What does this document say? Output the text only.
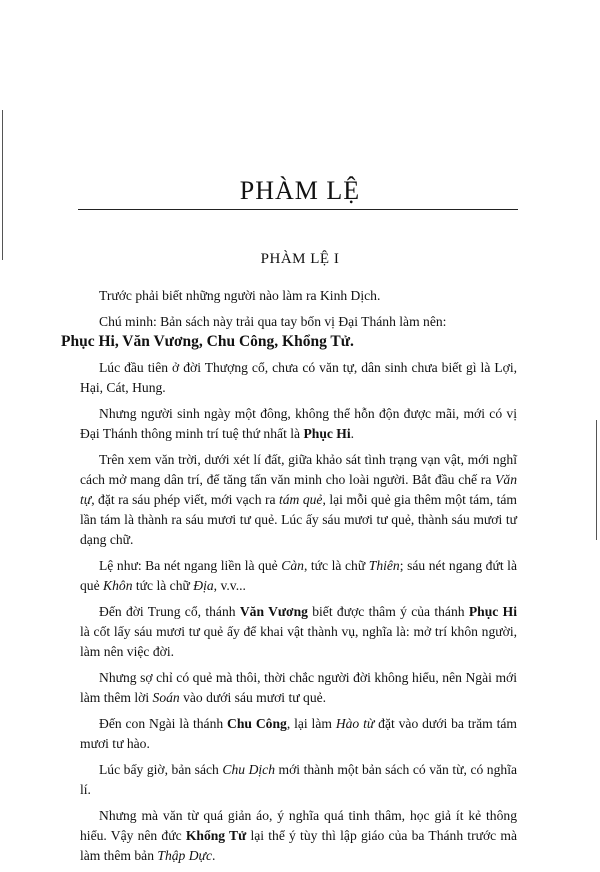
PHÀM LỆ
PHÀM LỆ I

Trước phải biết những người nào làm ra Kinh Dịch.

Chú minh: Bản sách này trải qua tay bốn vị Đại Thánh làm nên:
Phục Hi, Văn Vương, Chu Công, Khổng Tử.

Lúc đầu tiên ở đời Thượng cổ, chưa có văn tự, dân sinh chưa biết gì là Lợi, Hại, Cát, Hung.

Nhưng người sinh ngày một đông, không thể hỗn độn được mãi, mới có vị Đại Thánh thông minh trí tuệ thứ nhất là Phục Hi.

Trên xem văn trời, dưới xét lí đất, giữa khảo sát tình trạng vạn vật, mới nghĩ cách mở mang dân trí, để tăng tấn văn minh cho loài người. Bắt đầu chế ra Văn tự, đặt ra sáu phép viết, mới vạch ra tám quẻ, lại mỗi quẻ gia thêm một tám, tám lần tám là thành ra sáu mươi tư quẻ. Lúc ấy sáu mươi tư quẻ, thành sáu mươi tư dạng chữ.

Lệ như: Ba nét ngang liền là quẻ Càn, tức là chữ Thiên; sáu nét ngang đứt là quẻ Khôn tức là chữ Địa, v.v...

Đến đời Trung cổ, thánh Văn Vương biết được thâm ý của thánh Phục Hi là cốt lấy sáu mươi tư quẻ ấy để khai vật thành vụ, nghĩa là: mở trí khôn người, làm nên việc đời.

Nhưng sợ chỉ có quẻ mà thôi, thời chắc người đời không hiểu, nên Ngài mới làm thêm lời Soán vào dưới sáu mươi tư quẻ.

Đến con Ngài là thánh Chu Công, lại làm Hào từ đặt vào dưới ba trăm tám mươi tư hào.

Lúc bấy giờ, bản sách Chu Dịch mới thành một bản sách có văn từ, có nghĩa lí.

Nhưng mà văn từ quá giản áo, ý nghĩa quá tinh thâm, học giả ít kẻ thông hiểu. Vậy nên đức Khổng Tử lại thể ý tùy thì lập giáo của ba Thánh trước mà làm thêm bản Thập Dực.
